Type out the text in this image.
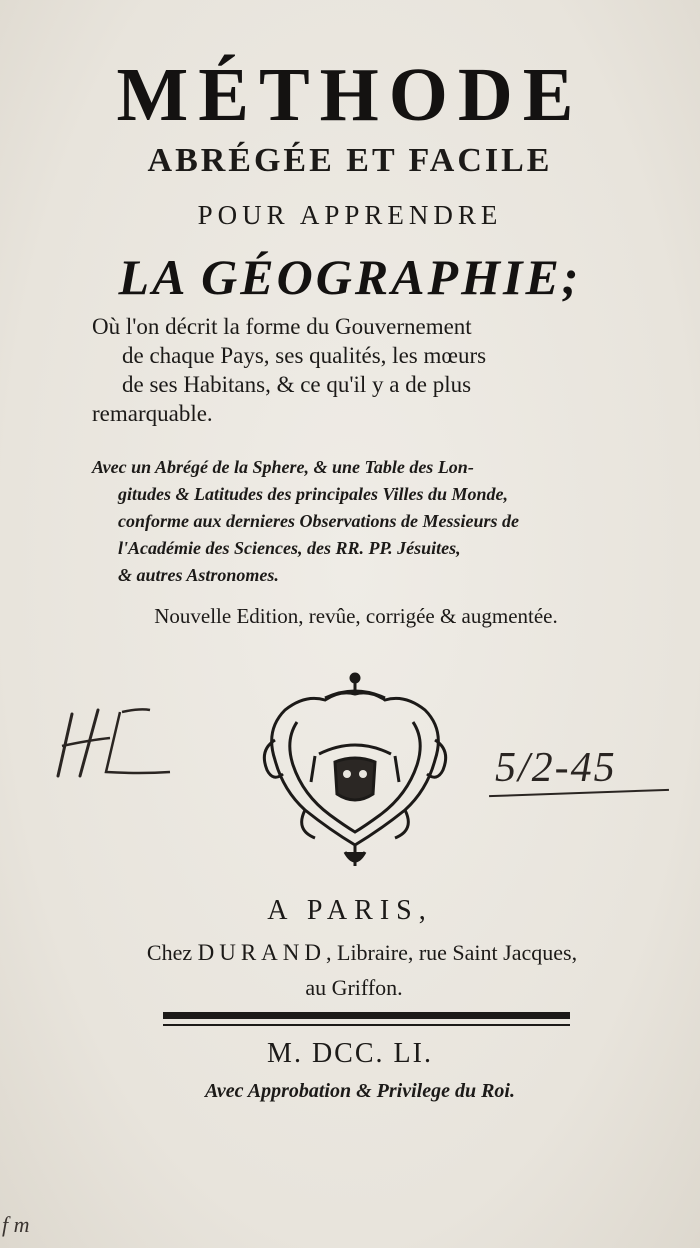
MÉTHODE
ABRÉGÉE ET FACILE
POUR APPRENDRE
LA GÉOGRAPHIE;
Où l'on décrit la forme du Gouvernement
de chaque Pays, ses qualités, les mœurs
de ses Habitans, & ce qu'il y a de plus
remarquable.
Avec un Abrégé de la Sphere, & une Table des Lon-
gitudes & Latitudes des principales Villes du Monde,
conforme aux dernieres Observations de Messieurs de
l'Académie des Sciences, des RR. PP. Jésuites,
& autres Astronomes.
Nouvelle Edition, revûe, corrigée & augmentée.
5/2-45
A PARIS,
Chez DURAND, Libraire, rue Saint Jacques,
au Griffon.
M. DCC. LI.
Avec Approbation & Privilege du Roi.
f m
